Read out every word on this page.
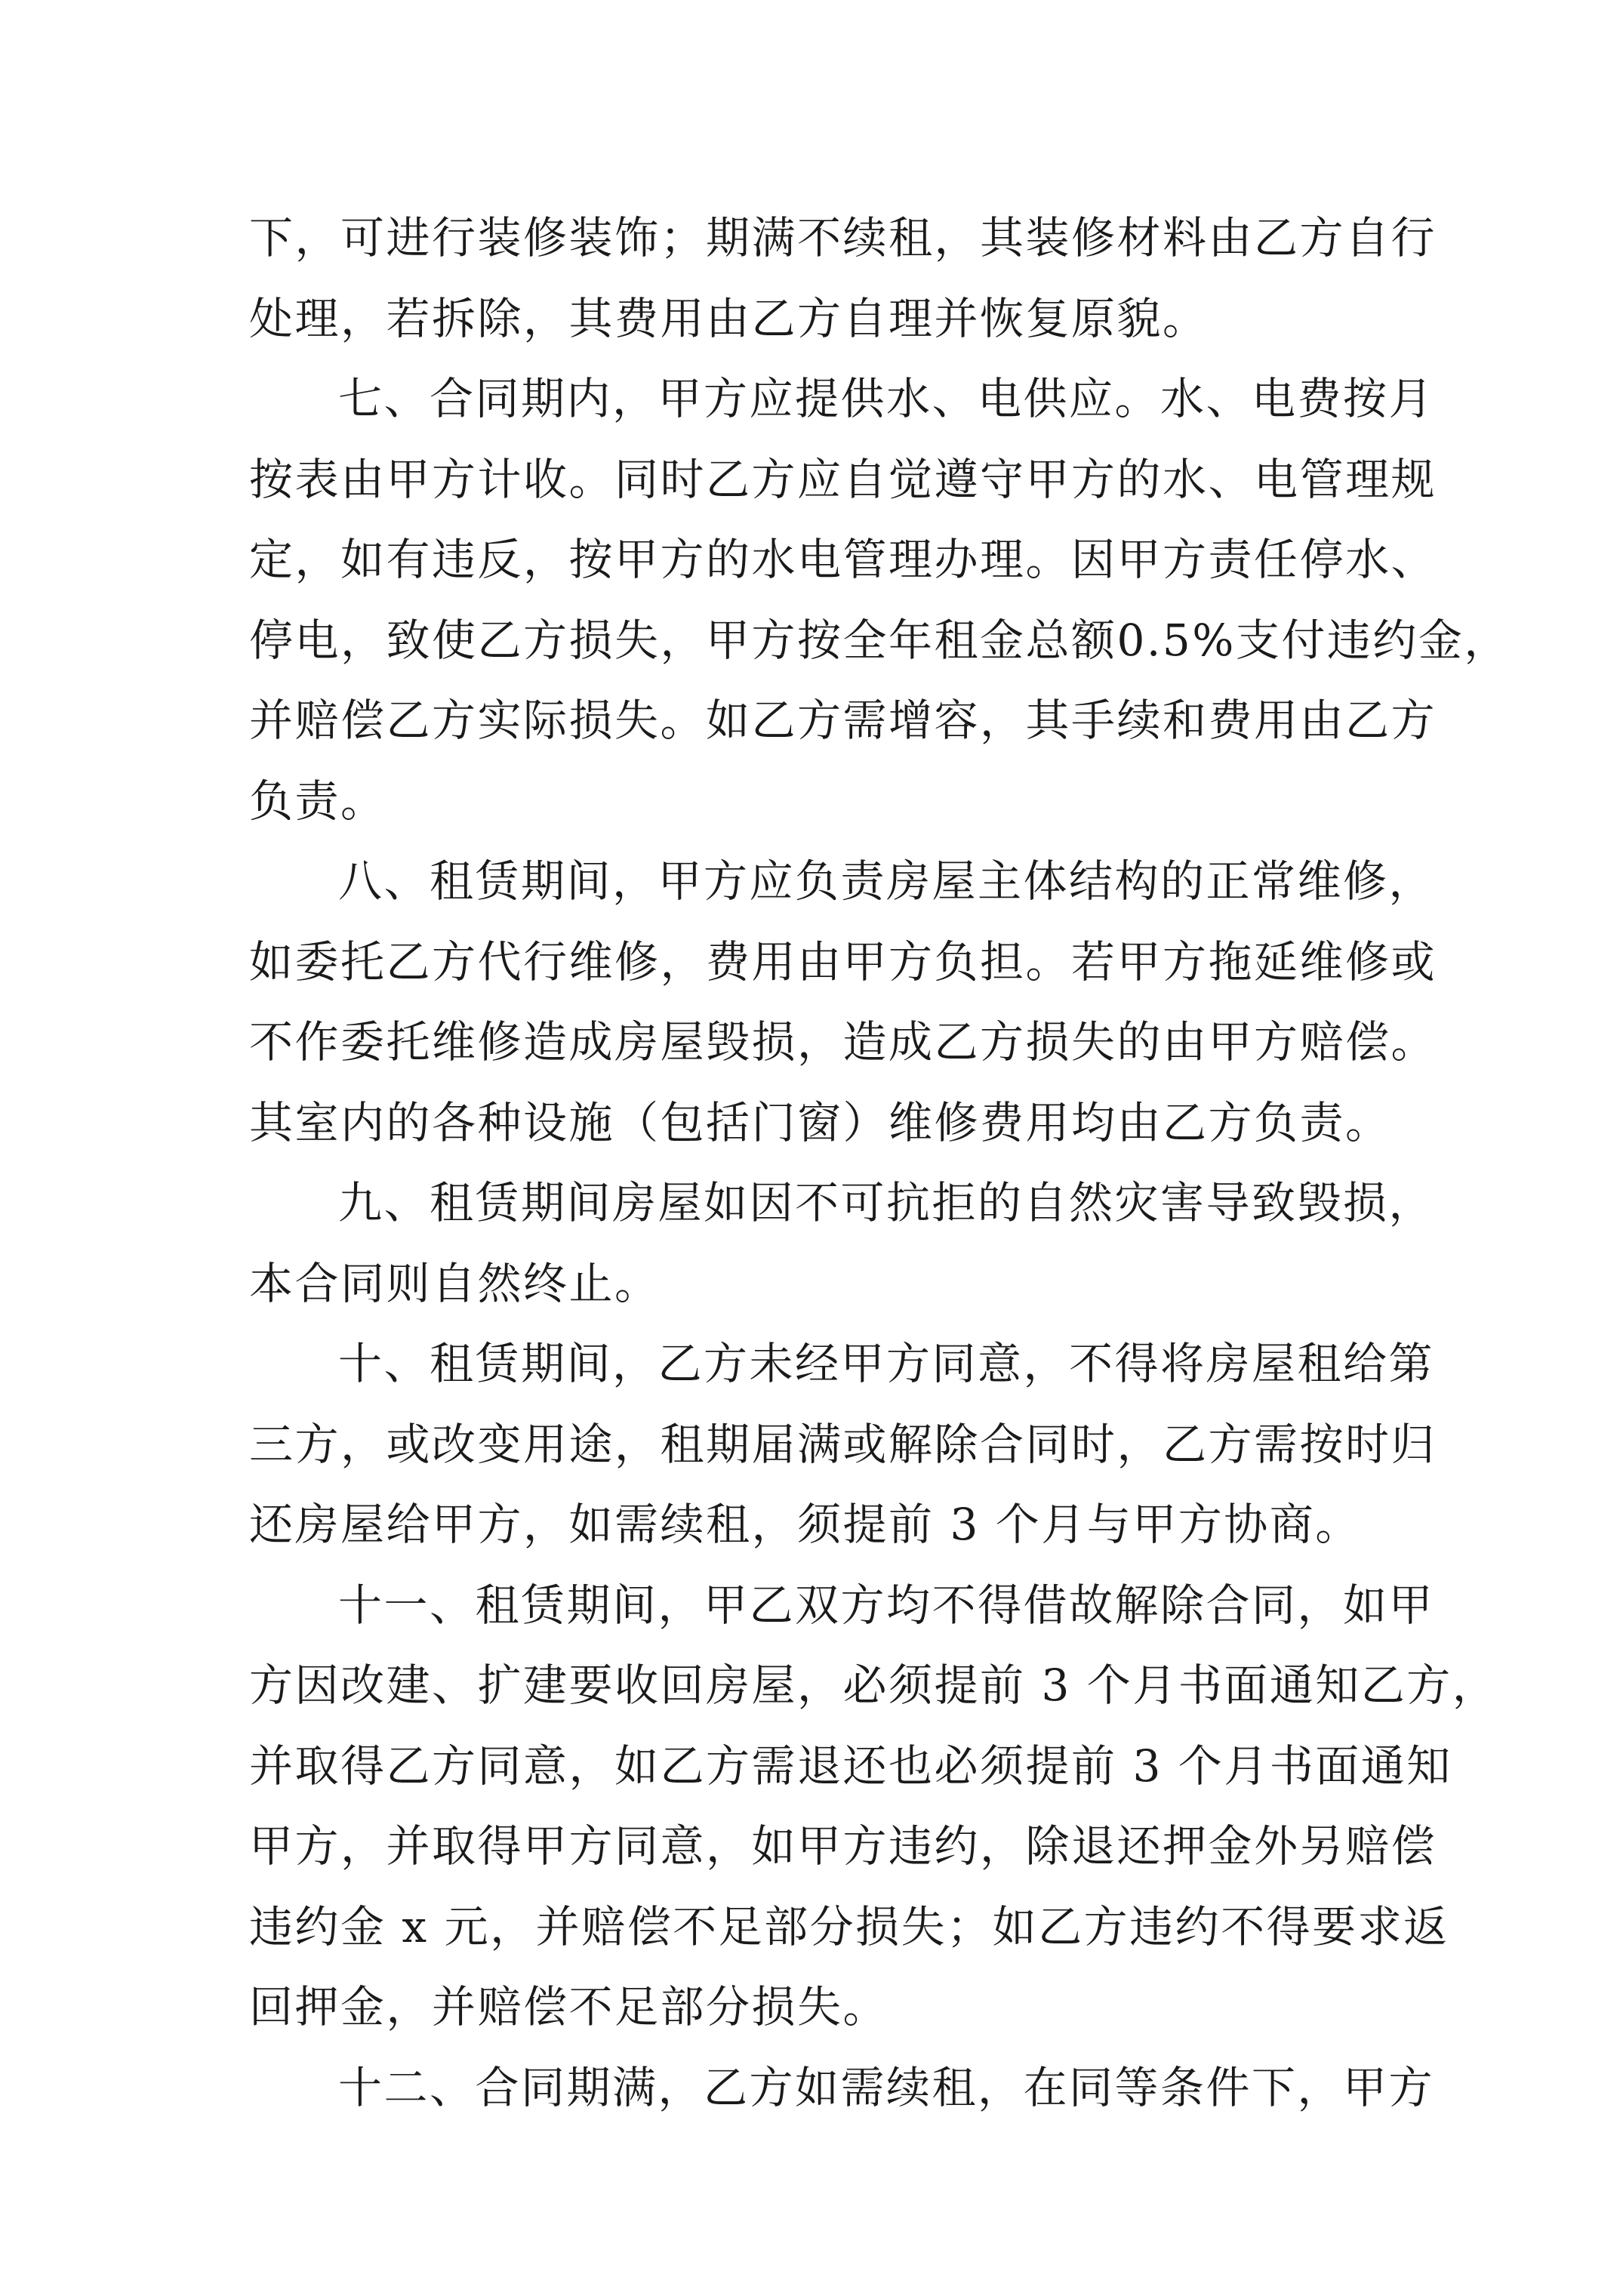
下，可进行装修装饰；期满不续租，其装修材料由乙方自行
处理，若拆除，其费用由乙方自理并恢复原貌。
七、合同期内，甲方应提供水、电供应。水、电费按月
按表由甲方计收。同时乙方应自觉遵守甲方的水、电管理规
定，如有违反，按甲方的水电管理办理。因甲方责任停水、
停电，致使乙方损失，甲方按全年租金总额0.5%支付违约金，
并赔偿乙方实际损失。如乙方需增容，其手续和费用由乙方
负责。
八、租赁期间，甲方应负责房屋主体结构的正常维修，
如委托乙方代行维修，费用由甲方负担。若甲方拖延维修或
不作委托维修造成房屋毁损，造成乙方损失的由甲方赔偿。
其室内的各种设施（包括门窗）维修费用均由乙方负责。
九、租赁期间房屋如因不可抗拒的自然灾害导致毁损，
本合同则自然终止。
十、租赁期间，乙方未经甲方同意，不得将房屋租给第
三方，或改变用途，租期届满或解除合同时，乙方需按时归
还房屋给甲方，如需续租，须提前 3 个月与甲方协商。
十一、租赁期间，甲乙双方均不得借故解除合同，如甲
方因改建、扩建要收回房屋，必须提前 3 个月书面通知乙方，
并取得乙方同意，如乙方需退还也必须提前 3 个月书面通知
甲方，并取得甲方同意，如甲方违约，除退还押金外另赔偿
违约金 x 元，并赔偿不足部分损失；如乙方违约不得要求返
回押金，并赔偿不足部分损失。
十二、合同期满，乙方如需续租，在同等条件下，甲方
